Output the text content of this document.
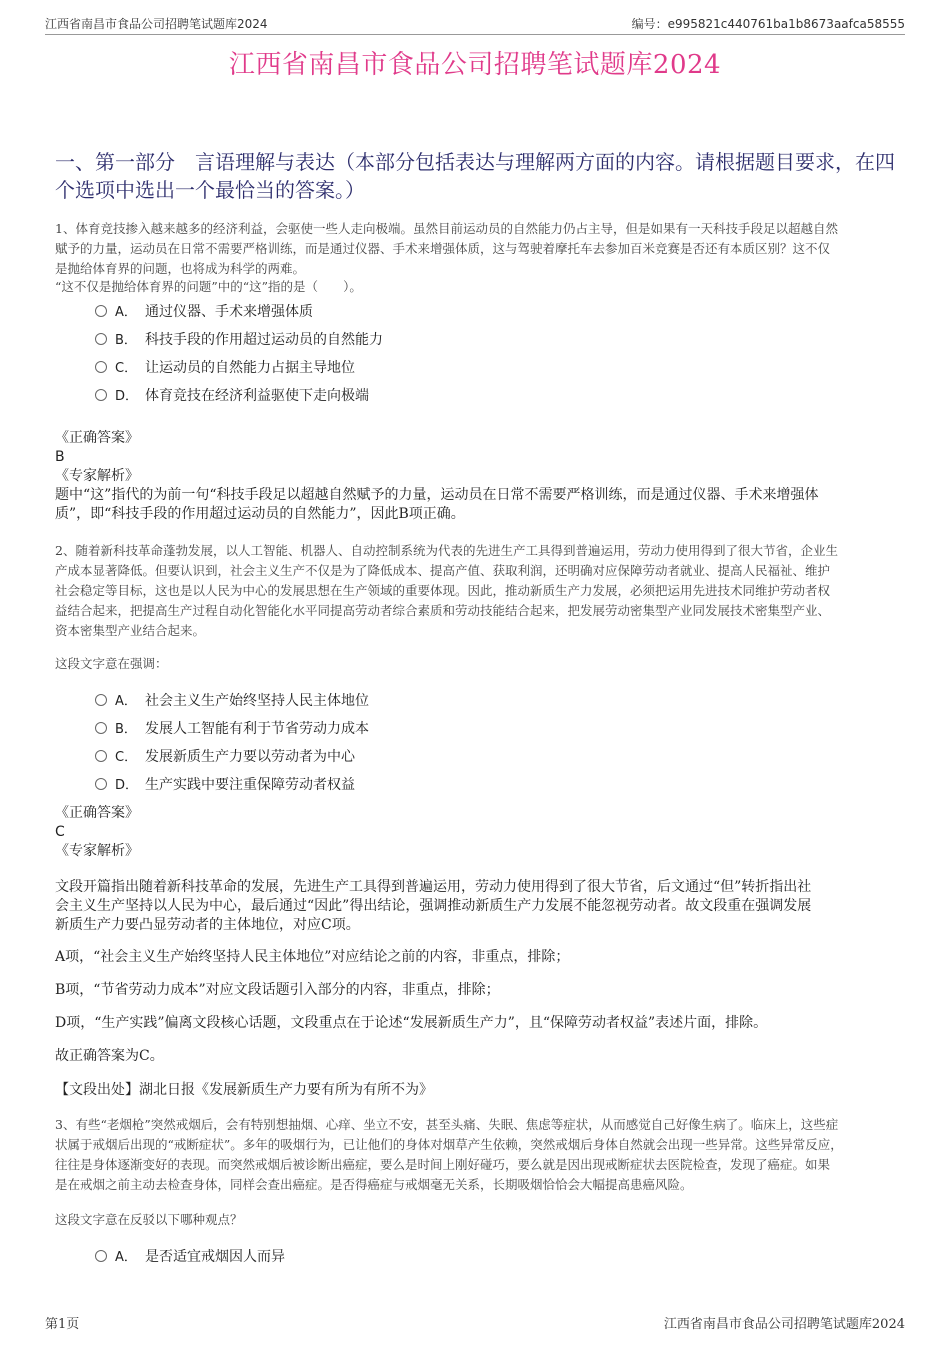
江西省南昌市食品公司招聘笔试题库2024	编号：e995821c440761ba1b8673aafca58555
江西省南昌市食品公司招聘笔试题库2024
一、第一部分　言语理解与表达（本部分包括表达与理解两方面的内容。请根据题目要求，在四个选项中选出一个最恰当的答案。）

1、体育竞技掺入越来越多的经济利益，会驱使一些人走向极端。虽然目前运动员的自然能力仍占主导，但是如果有一天科技手段足以超越自然

赋予的力量，运动员在日常不需要严格训练，而是通过仪器、手术来增强体质，这与驾驶着摩托车去参加百米竞赛是否还有本质区别？这不仅

是抛给体育界的问题，也将成为科学的两难。

“这不仅是抛给体育界的问题”中的“这”指的是（　　）。

A． 通过仪器、手术来增强体质
B． 科技手段的作用超过运动员的自然能力
C． 让运动员的自然能力占据主导地位
D． 体育竞技在经济利益驱使下走向极端

《正确答案》

B

《专家解析》

题中“这”指代的为前一句“科技手段足以超越自然赋予的力量，运动员在日常不需要严格训练，而是通过仪器、手术来增强体

质”，即“科技手段的作用超过运动员的自然能力”，因此B项正确。

2、随着新科技革命蓬勃发展，以人工智能、机器人、自动控制系统为代表的先进生产工具得到普遍运用，劳动力使用得到了很大节省，企业生

产成本显著降低。但要认识到，社会主义生产不仅是为了降低成本、提高产值、获取利润，还明确对应保障劳动者就业、提高人民福祉、维护

社会稳定等目标，这也是以人民为中心的发展思想在生产领域的重要体现。因此，推动新质生产力发展，必须把运用先进技术同维护劳动者权

益结合起来，把提高生产过程自动化智能化水平同提高劳动者综合素质和劳动技能结合起来，把发展劳动密集型产业同发展技术密集型产业、

资本密集型产业结合起来。

这段文字意在强调：

A． 社会主义生产始终坚持人民主体地位
B． 发展人工智能有利于节省劳动力成本
C． 发展新质生产力要以劳动者为中心
D． 生产实践中要注重保障劳动者权益

《正确答案》

C

《专家解析》

文段开篇指出随着新科技革命的发展，先进生产工具得到普遍运用，劳动力使用得到了很大节省，后文通过“但”转折指出社

会主义生产坚持以人民为中心，最后通过“因此”得出结论，强调推动新质生产力发展不能忽视劳动者。故文段重在强调发展

新质生产力要凸显劳动者的主体地位，对应C项。

A项，“社会主义生产始终坚持人民主体地位”对应结论之前的内容，非重点，排除；

B项，“节省劳动力成本”对应文段话题引入部分的内容，非重点，排除；

D项，“生产实践”偏离文段核心话题，文段重点在于论述“发展新质生产力”，且“保障劳动者权益”表述片面，排除。

故正确答案为C。

【文段出处】湖北日报《发展新质生产力要有所为有所不为》

3、有些“老烟枪”突然戒烟后，会有特别想抽烟、心痒、坐立不安，甚至头痛、失眠、焦虑等症状，从而感觉自己好像生病了。临床上，这些症

状属于戒烟后出现的“戒断症状”。多年的吸烟行为，已让他们的身体对烟草产生依赖，突然戒烟后身体自然就会出现一些异常。这些异常反应，

往往是身体逐渐变好的表现。而突然戒烟后被诊断出癌症，要么是时间上刚好碰巧，要么就是因出现戒断症状去医院检查，发现了癌症。如果

是在戒烟之前主动去检查身体，同样会查出癌症。是否得癌症与戒烟毫无关系，长期吸烟恰恰会大幅提高患癌风险。

这段文字意在反驳以下哪种观点？

A． 是否适宜戒烟因人而异
第1页	江西省南昌市食品公司招聘笔试题库2024
